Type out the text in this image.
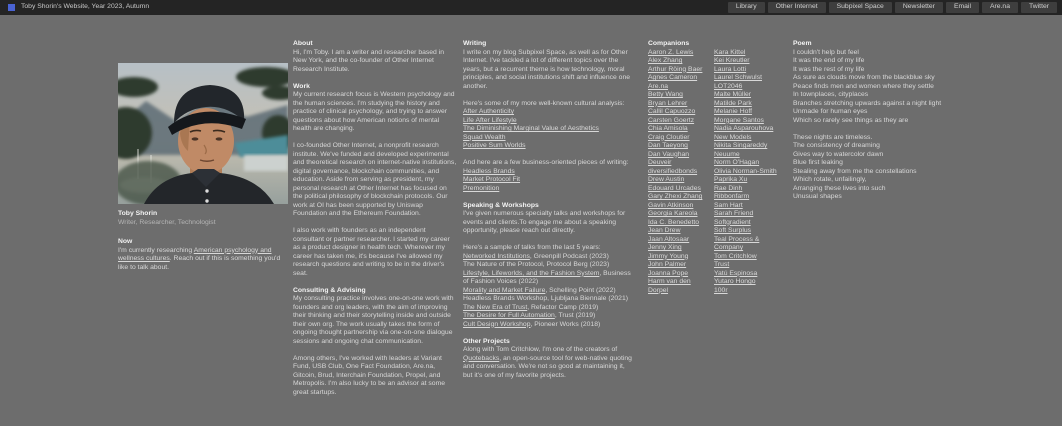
Toby Shorin's Website, Year 2023, Autumn	Library	Other Internet	Subpixel Space	Newsletter	Email	Are.na	Twitter
Toby Shorin
Writer, Researcher, Technologist
Now

I'm currently researching American psychology and wellness cultures. Reach out if this is something you'd like to talk about.

About

Hi, I'm Toby. I am a writer and researcher based in New York, and the co-founder of Other Internet Research Institute.

Work

My current research focus is Western psychology and the human sciences. I'm studying the history and practice of clinical psychology, and trying to answer questions about how American notions of mental health are changing.

I co-founded Other Internet, a nonprofit research institute. We've funded and developed experimental and theoretical research on internet-native institutions, digital governance, blockchain communities, and education. Aside from serving as president, my personal research at Other Internet has focused on the political philosophy of blockchain protocols. Our work at OI has been supported by Uniswap Foundation and the Ethereum Foundation.

I also work with founders as an independent consultant or partner researcher. I started my career as a product designer in health tech. Wherever my career has taken me, it's because I've allowed my research questions and writing to be in the driver's seat.

Consulting & Advising

My consulting practice involves one-on-one work with founders and org leaders, with the aim of improving their thinking and their storytelling inside and outside their own org. The work usually takes the form of ongoing thought partnership via one-on-one dialogue sessions and ongoing chat communication.

Among others, I've worked with leaders at Variant Fund, USB Club, One Fact Foundation, Are.na, Gitcoin, Brud, Interchain Foundation, Propel, and Metropolis. I'm also lucky to be an advisor at some great startups.

Writing

I write on my blog Subpixel Space, as well as for Other Internet. I've tackled a lot of different topics over the years, but a recurrent theme is how technology, moral principles, and social institutions shift and influence one another.

Here's some of my more well-known cultural analysis:
After Authenticity
Life After Lifestyle
The Diminishing Marginal Value of Aesthetics
Squad Wealth
Positive Sum Worlds
And here are a few business-oriented pieces of writing:
Headless Brands
Market Protocol Fit
Premonition
Speaking & Workshops

I've given numerous specialty talks and workshops for events and clients.To engage me about a speaking opportunity, please reach out directly.

Here's a sample of talks from the last 5 years:
Networked Institutions, Greenpill Podcast (2023)
The Nature of the Protocol, Protocol Berg (2023)
Lifestyle, Lifeworlds, and the Fashion System, Business of Fashion Voices (2022)
Morality and Market Failure, Schelling Point (2022)
Headless Brands Workshop, Ljubljana Biennale (2021)
The New Era of Trust, Refactor Camp (2019)
The Desire for Full Automation, Trust (2019)
Cult Design Workshop, Pioneer Works (2018)
Other Projects

Along with Tom Critchlow, I'm one of the creators of Quotebacks, an open-source tool for web-native quoting and conversation. We're not so good at maintaining it, but it's one of my favorite projects.

Companions
Aaron Z. Lewis
Alex Zhang
Arthur Röing Baer
Agnes Cameron
Are.na
Betty Wang
Bryan Lehrer
Callil Capuozzo
Carsten Goertz
Chia Amisola
Craig Cloutier
Dan Taeyong
Dan Vaughan
Deuveir
diversifiedbonds
Drew Austin
Edouard Urcades
Gary Zhexi Zhang
Gavin Atkinson
Georgia Kareola
Ida C. Benedetto
Jean Drew
Jaan Altosaar
Jenny Xing
Jimmy Young
John Palmer
Joanna Pope
Harm van den Dorpel
Kara Kittel
Kei Kreutler
Laura Lotti
Laurel Schwulst
LOT2046
Malte Müller
Matilde Park
Melanie Hoff
Morgane Santos
Nadia Asparouhova
New Models
Nikita Singareddy
Neuume
Norm O'Hagan
Olivia Norman-Smith
Paprika Xu
Rae Dinh
Ribbonfarm
Sam Hart
Sarah Friend
Softgradient
Soft Surplus
Teal Process & Company
Tom Critchlow
Trust
Yatú Espinosa
Yutaro Hongo
100r
Poem
I couldn't help but feel
It was the end of my life
It was the rest of my life
As sure as clouds move from the blackblue sky
Peace finds men and women where they settle
In townplaces, cityplaces
Branches stretching upwards against a night light
Unmade for human eyes
Which so rarely see things as they are
These nights are timeless.
The consistency of dreaming
Gives way to watercolor dawn
Blue first leaking
Stealing away from me the constellations
Which rotate, unfailingly,
Arranging these lives into such
Unusual shapes
